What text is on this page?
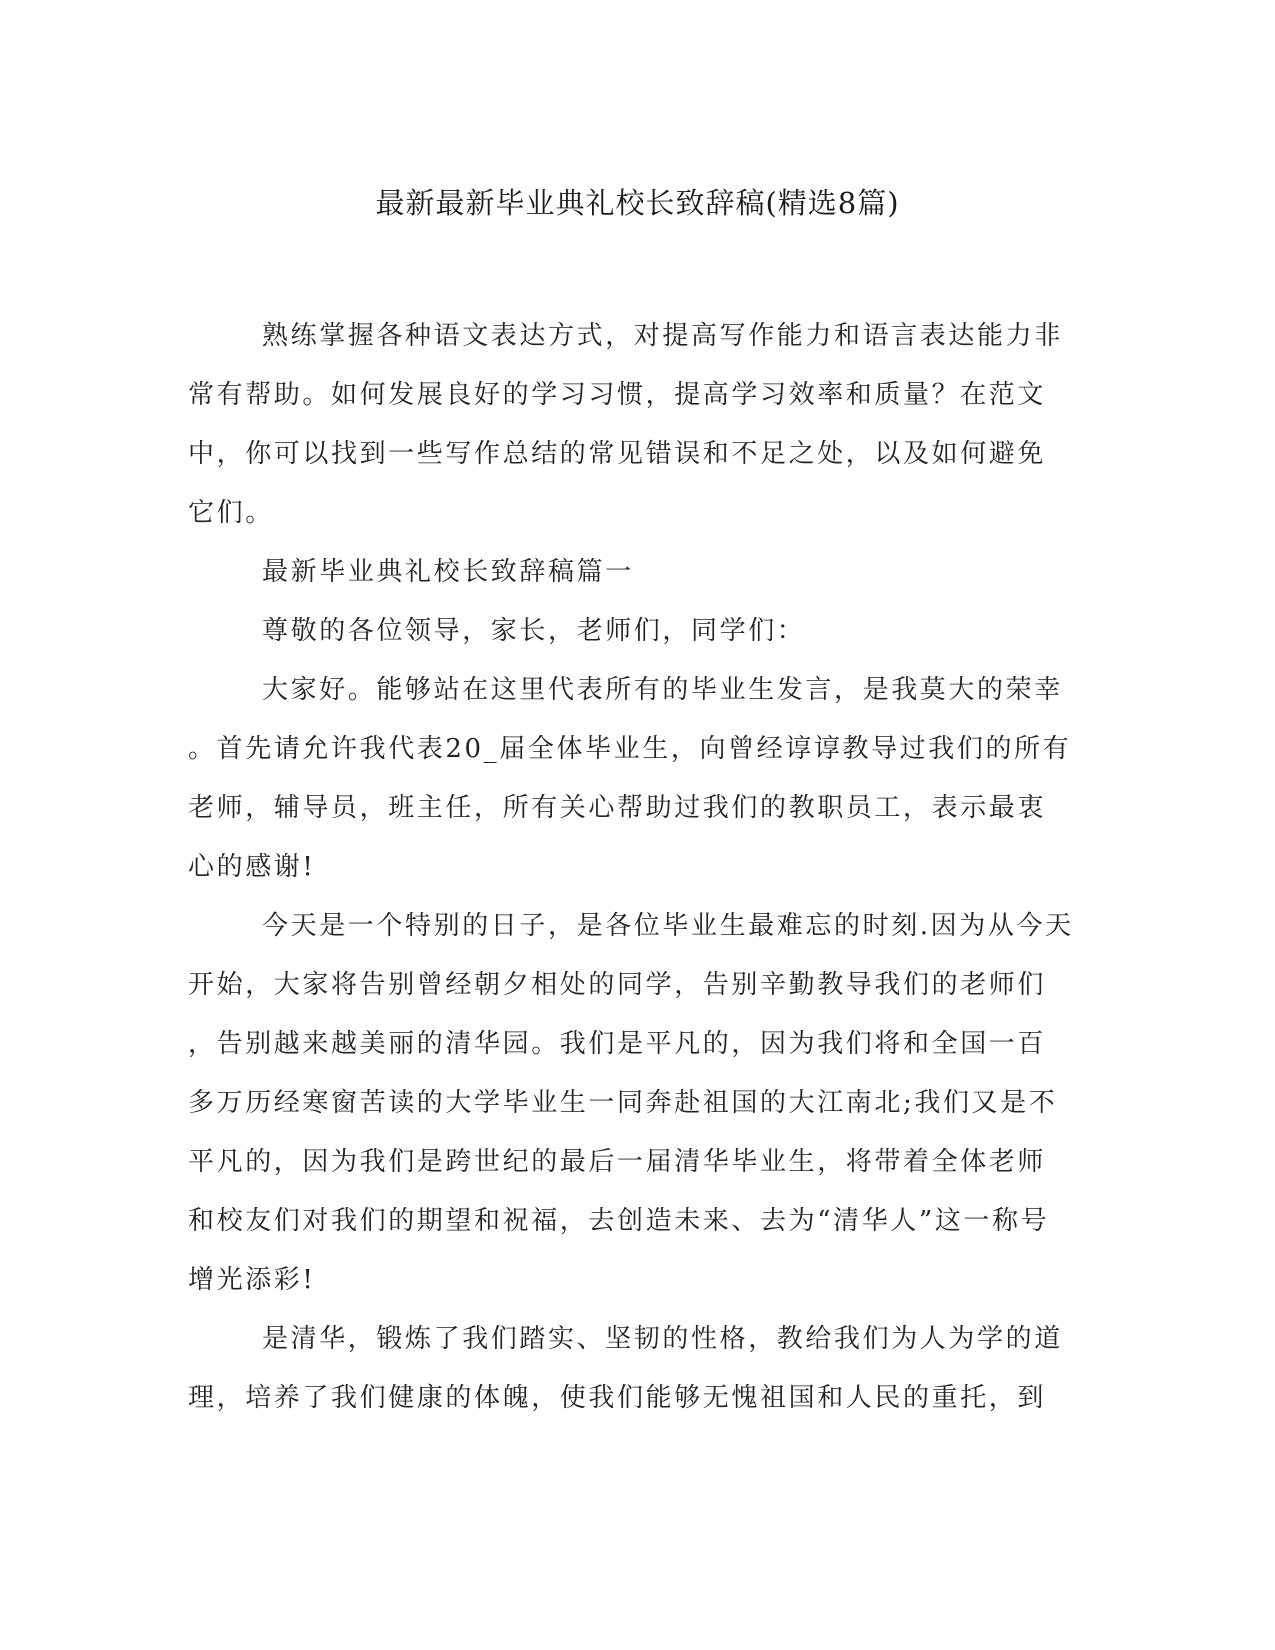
最新最新毕业典礼校长致辞稿(精选8篇)

熟练掌握各种语文表达方式，对提高写作能力和语言表达能力非

常有帮助。如何发展良好的学习习惯，提高学习效率和质量？在范文

中，你可以找到一些写作总结的常见错误和不足之处，以及如何避免

它们。

最新毕业典礼校长致辞稿篇一

尊敬的各位领导，家长，老师们，同学们：

大家好。能够站在这里代表所有的毕业生发言，是我莫大的荣幸

。首先请允许我代表20_届全体毕业生，向曾经谆谆教导过我们的所有

老师，辅导员，班主任，所有关心帮助过我们的教职员工，表示最衷

心的感谢!

今天是一个特别的日子，是各位毕业生最难忘的时刻.因为从今天

开始，大家将告别曾经朝夕相处的同学，告别辛勤教导我们的老师们

，告别越来越美丽的清华园。我们是平凡的，因为我们将和全国一百

多万历经寒窗苦读的大学毕业生一同奔赴祖国的大江南北;我们又是不

平凡的，因为我们是跨世纪的最后一届清华毕业生，将带着全体老师

和校友们对我们的期望和祝福，去创造未来、去为“清华人”这一称号

增光添彩!

是清华，锻炼了我们踏实、坚韧的性格，教给我们为人为学的道

理，培养了我们健康的体魄，使我们能够无愧祖国和人民的重托，到
